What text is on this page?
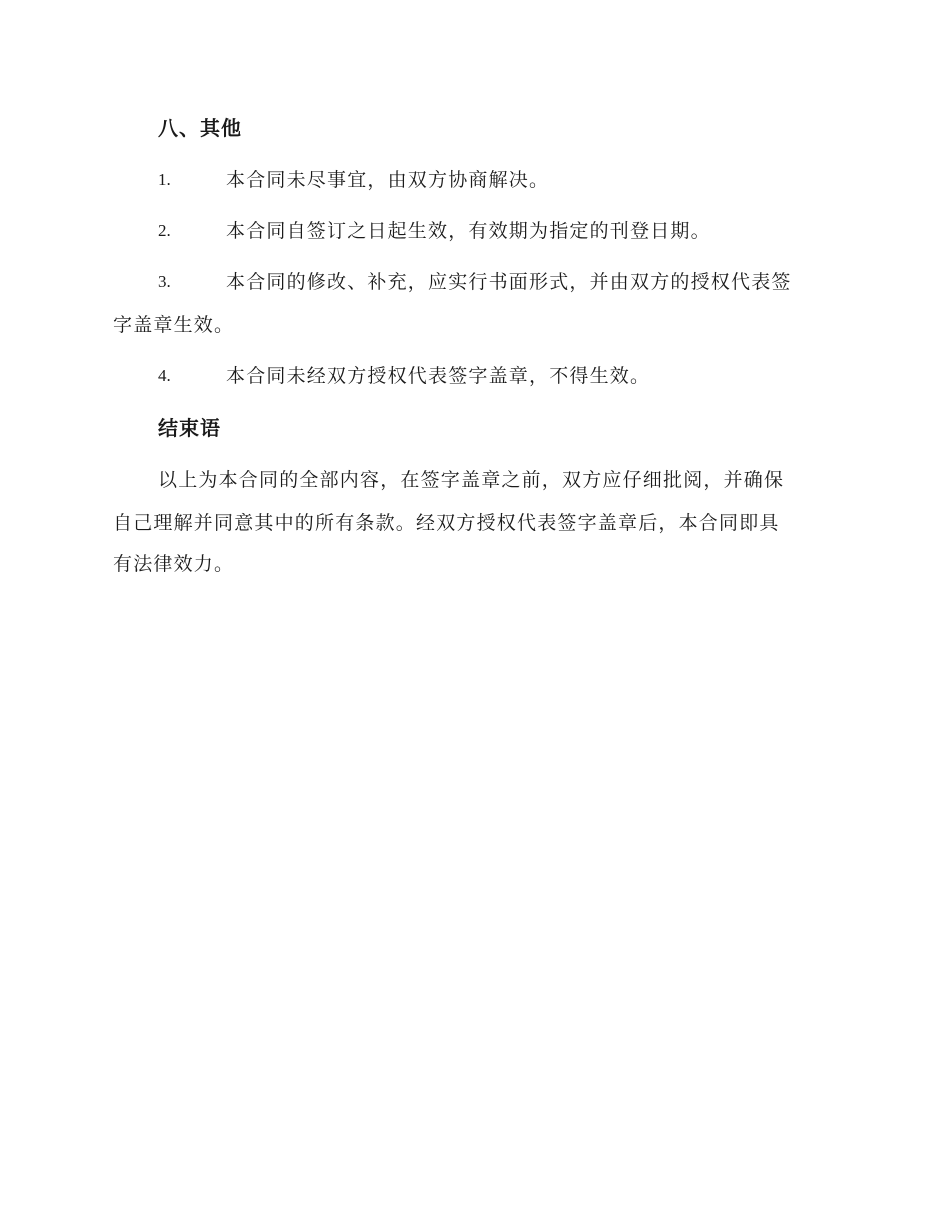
八、其他
1.	本合同未尽事宜，由双方协商解决。
2.	本合同自签订之日起生效，有效期为指定的刊登日期。
3.	本合同的修改、补充，应实行书面形式，并由双方的授权代表签
字盖章生效。
4.	本合同未经双方授权代表签字盖章，不得生效。
结束语
以上为本合同的全部内容，在签字盖章之前，双方应仔细批阅，并确保
自己理解并同意其中的所有条款。经双方授权代表签字盖章后，本合同即具
有法律效力。
